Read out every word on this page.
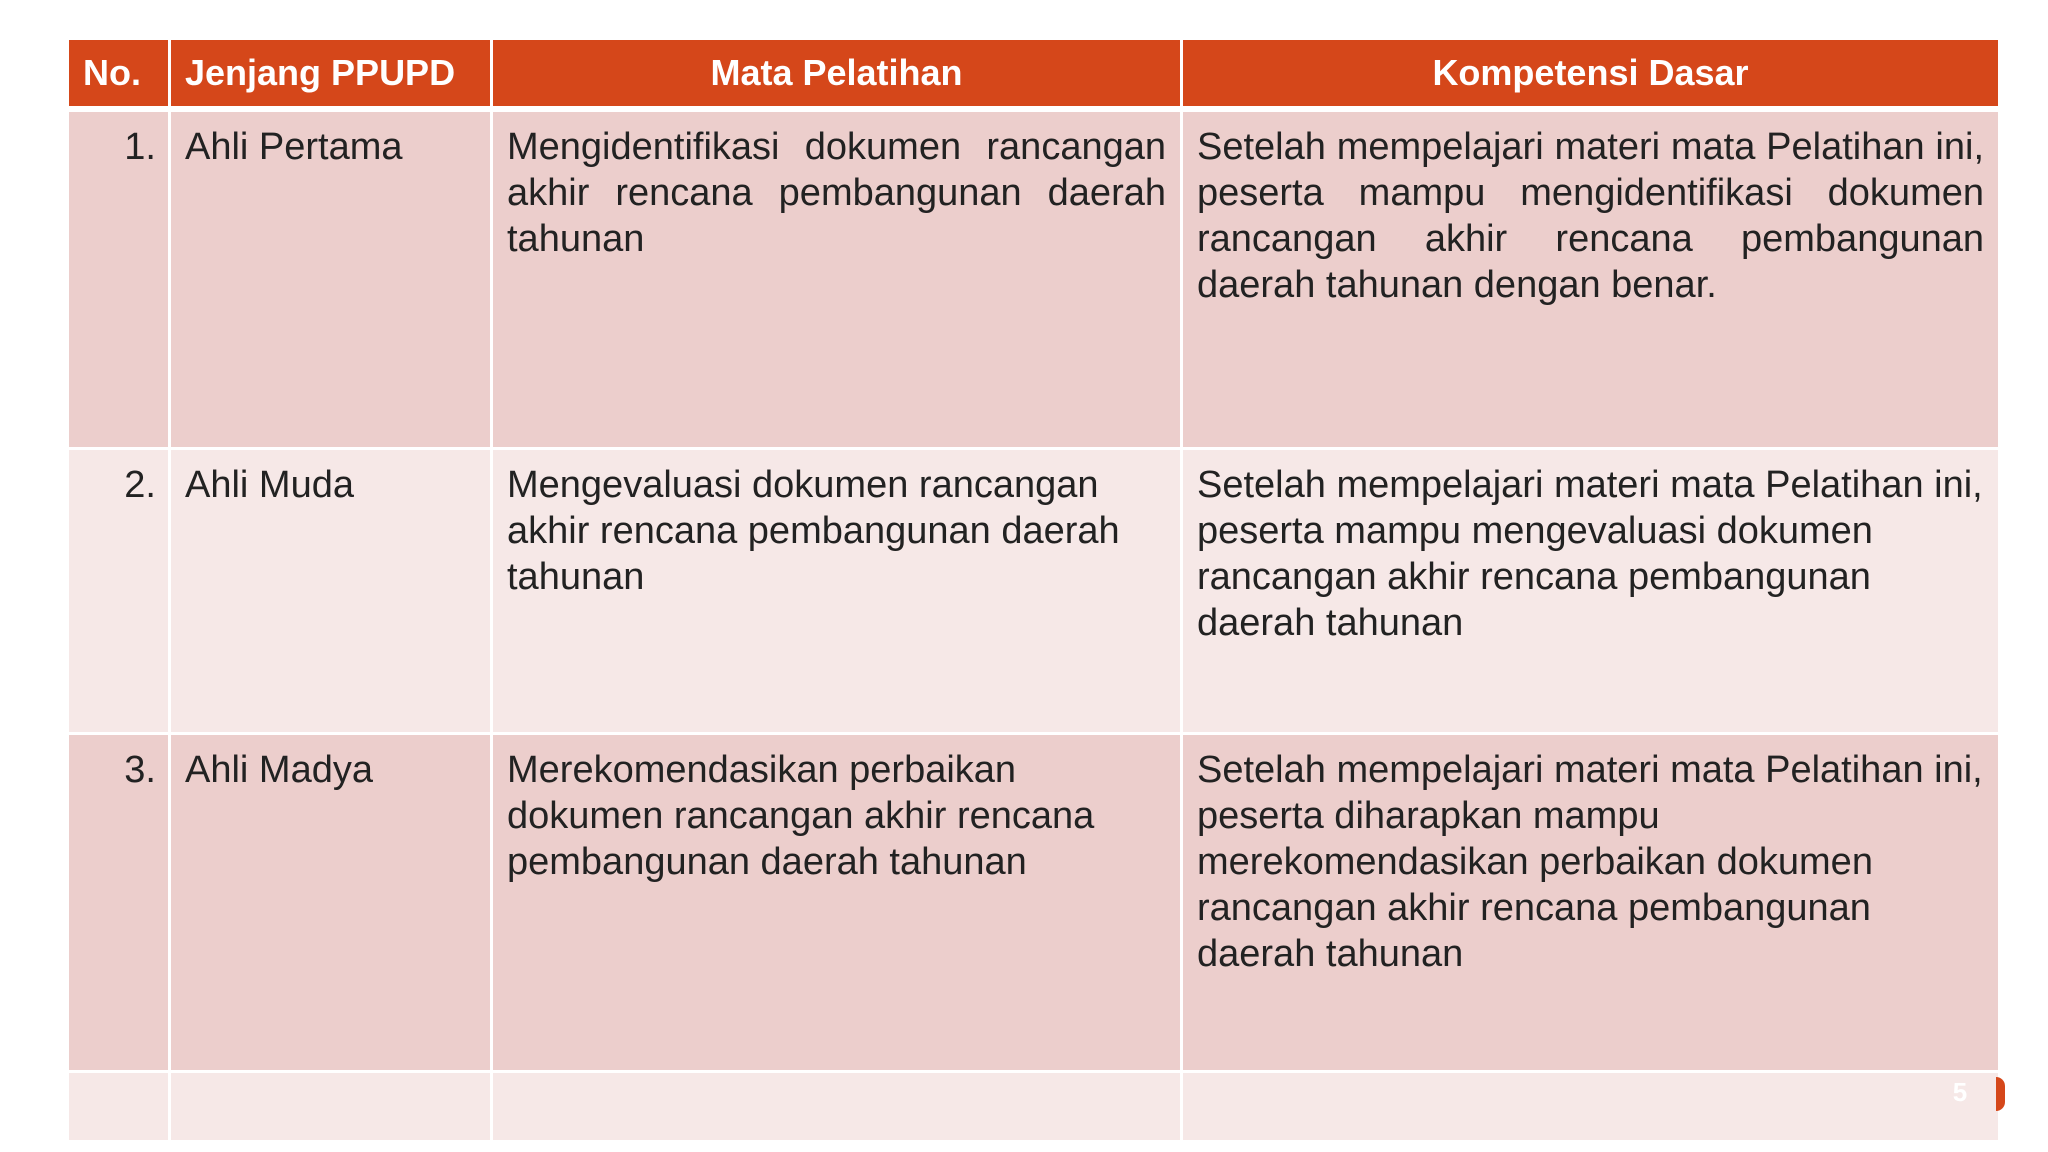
No.	Jenjang PPUPD	Mata Pelatihan	Kompetensi Dasar
1.	Ahli Pertama	Mengidentifikasi dokumen rancangan akhir rencana pembangunan daerah tahunan	Setelah mempelajari materi mata Pelatihan ini, peserta mampu mengidentifikasi dokumen rancangan akhir rencana pembangunan daerah tahunan dengan benar.
2.	Ahli Muda	Mengevaluasi dokumen rancangan akhir rencana pembangunan daerah tahunan	Setelah mempelajari materi mata Pelatihan ini, peserta mampu mengevaluasi dokumen rancangan akhir rencana pembangunan daerah tahunan
3.	Ahli Madya	Merekomendasikan perbaikan dokumen rancangan akhir rencana pembangunan daerah tahunan	Setelah mempelajari materi mata Pelatihan ini, peserta diharapkan mampu merekomendasikan perbaikan dokumen rancangan akhir rencana pembangunan daerah tahunan

5
